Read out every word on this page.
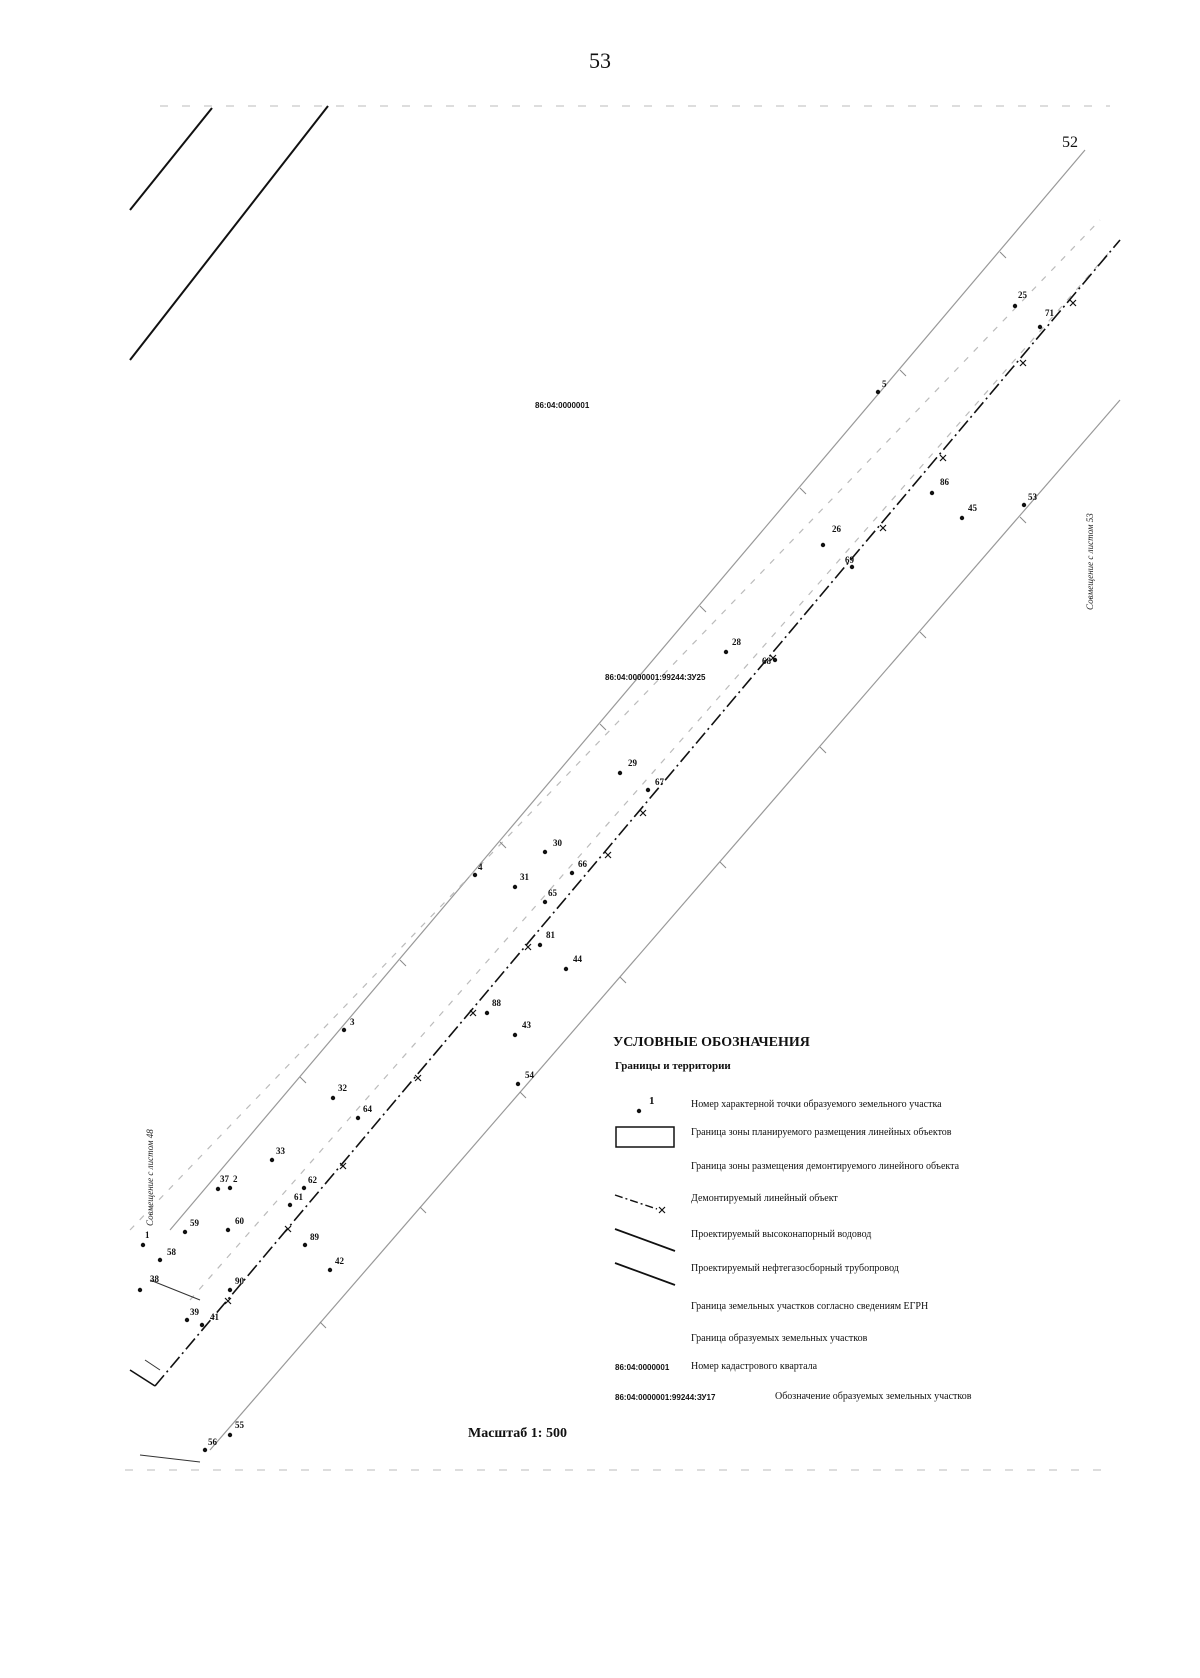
53
1
2
3
4
5
25
26
28
29
30
31
32
33
37
38
39 41
42
43
44
45
53
54
55
56
58
59	60
61
62
64
65
66
67
68
69
71
81
86
88
89
90
52
86:04:0000001
86:04:0000001:99244:ЗУ25
Совмещение с листом 53
Совмещение с листом 48
УСЛОВНЫЕ ОБОЗНАЧЕНИЯ
Границы и территории
1	Номер характерной точки образуемого земельного участка
Граница зоны планируемого размещения линейных объектов
Граница зоны размещения демонтируемого линейного объекта
Демонтируемый линейный объект
Проектируемый высоконапорный водовод
Проектируемый нефтегазосборный трубопровод
Граница земельных участков согласно сведениям ЕГРН
Граница образуемых земельных участков
86:04:0000001 Номер кадастрового квартала
86:04:0000001:99244:ЗУ17	Обозначение образуемых земельных участков
Масштаб 1: 500
